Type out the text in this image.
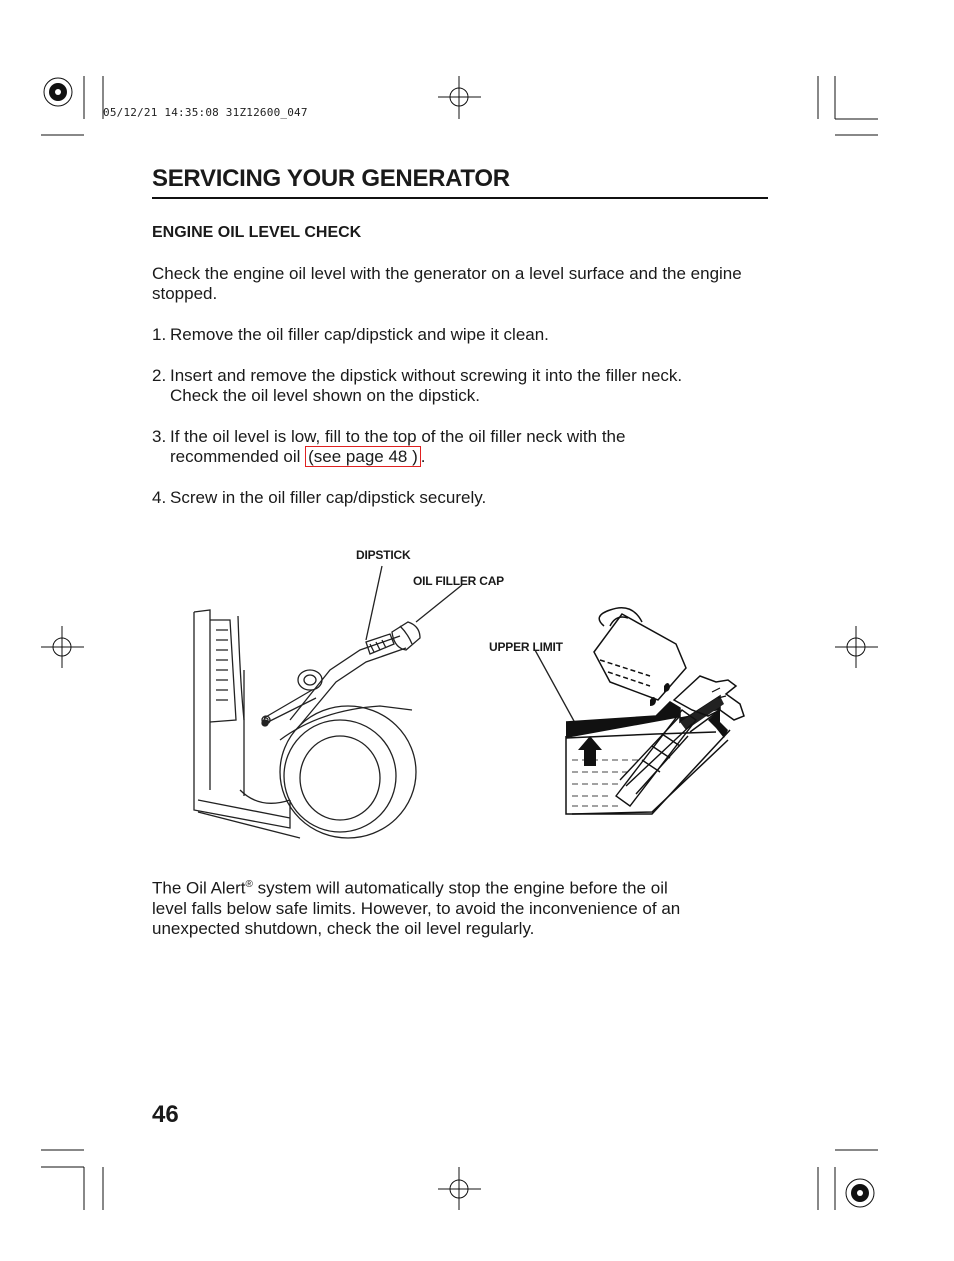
05/12/21 14:35:08 31Z12600_047
SERVICING YOUR GENERATOR
ENGINE OIL LEVEL CHECK
Check the engine oil level with the generator on a level surface and the engine stopped.
1. Remove the oil filler cap/dipstick and wipe it clean.
2. Insert and remove the dipstick without screwing it into the filler neck.
Check the oil level shown on the dipstick.
3. If the oil level is low, fill to the top of the oil filler neck with the
recommended oil (see page 48 ) .
4. Screw in the oil filler cap/dipstick securely.
DIPSTICK
OIL FILLER CAP
UPPER LIMIT
The Oil Alert® system will automatically stop the engine before the oil
level falls below safe limits. However, to avoid the inconvenience of an
unexpected shutdown, check the oil level regularly.
46
